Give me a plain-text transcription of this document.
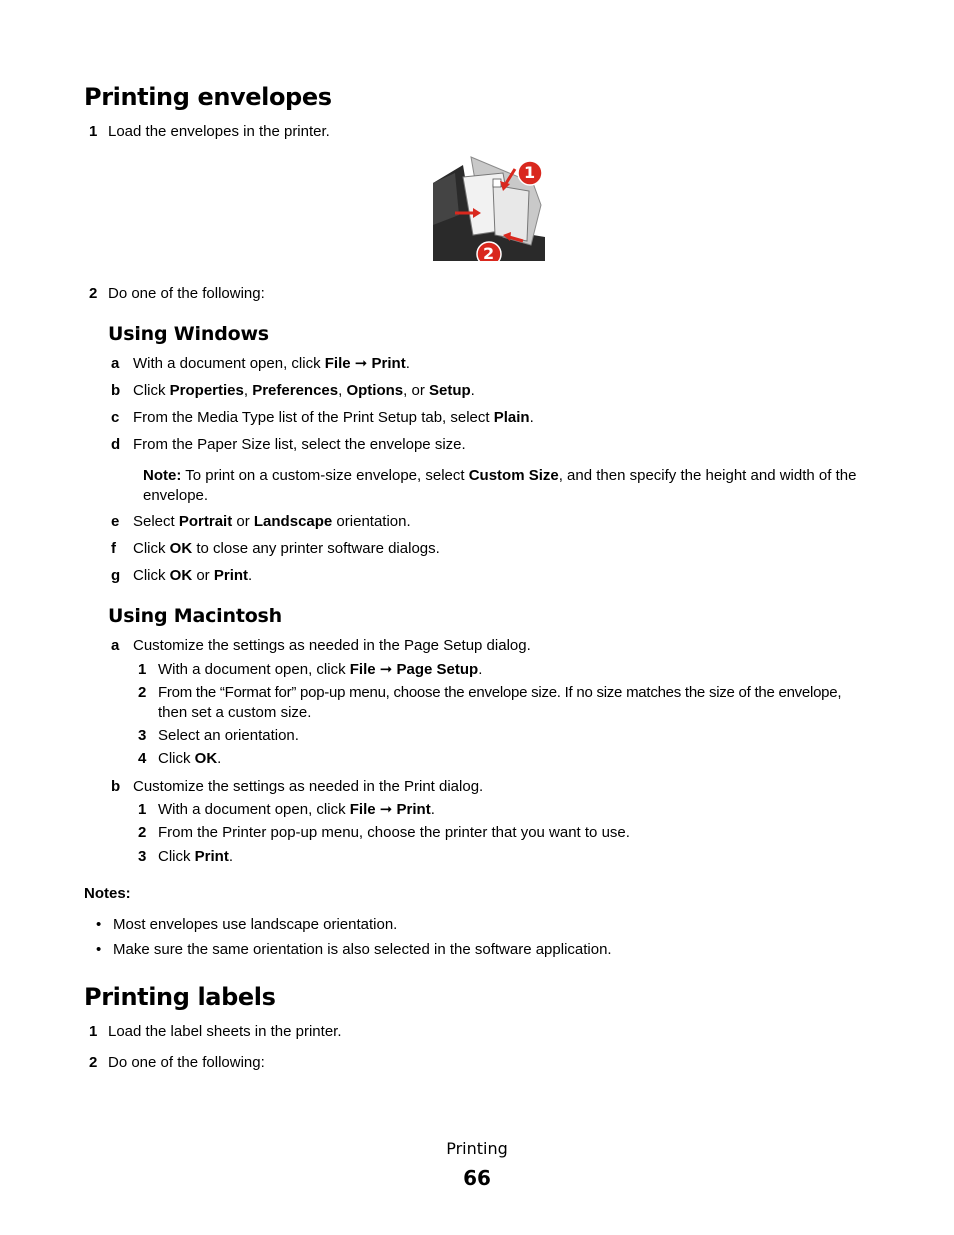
Printing envelopes
1 Load the envelopes in the printer.
1
2
2 Do one of the following:
Using Windows
a With a document open, click File ➞ Print.
b Click Properties, Preferences, Options, or Setup.
c From the Media Type list of the Print Setup tab, select Plain.
d From the Paper Size list, select the envelope size.
Note: To print on a custom-size envelope, select Custom Size, and then specify the height and width of the
envelope.
e Select Portrait or Landscape orientation.
f Click OK to close any printer software dialogs.
g Click OK or Print.
Using Macintosh
a Customize the settings as needed in the Page Setup dialog.
1 With a document open, click File ➞ Page Setup.
2 From the “Format for” pop-up menu, choose the envelope size. If no size matches the size of the envelope,
then set a custom size.
3 Select an orientation.
4 Click OK.
b Customize the settings as needed in the Print dialog.
1 With a document open, click File ➞ Print.
2 From the Printer pop-up menu, choose the printer that you want to use.
3 Click Print.
Notes:
• Most envelopes use landscape orientation.
• Make sure the same orientation is also selected in the software application.
Printing labels
1 Load the label sheets in the printer.
2 Do one of the following:
Printing
66
